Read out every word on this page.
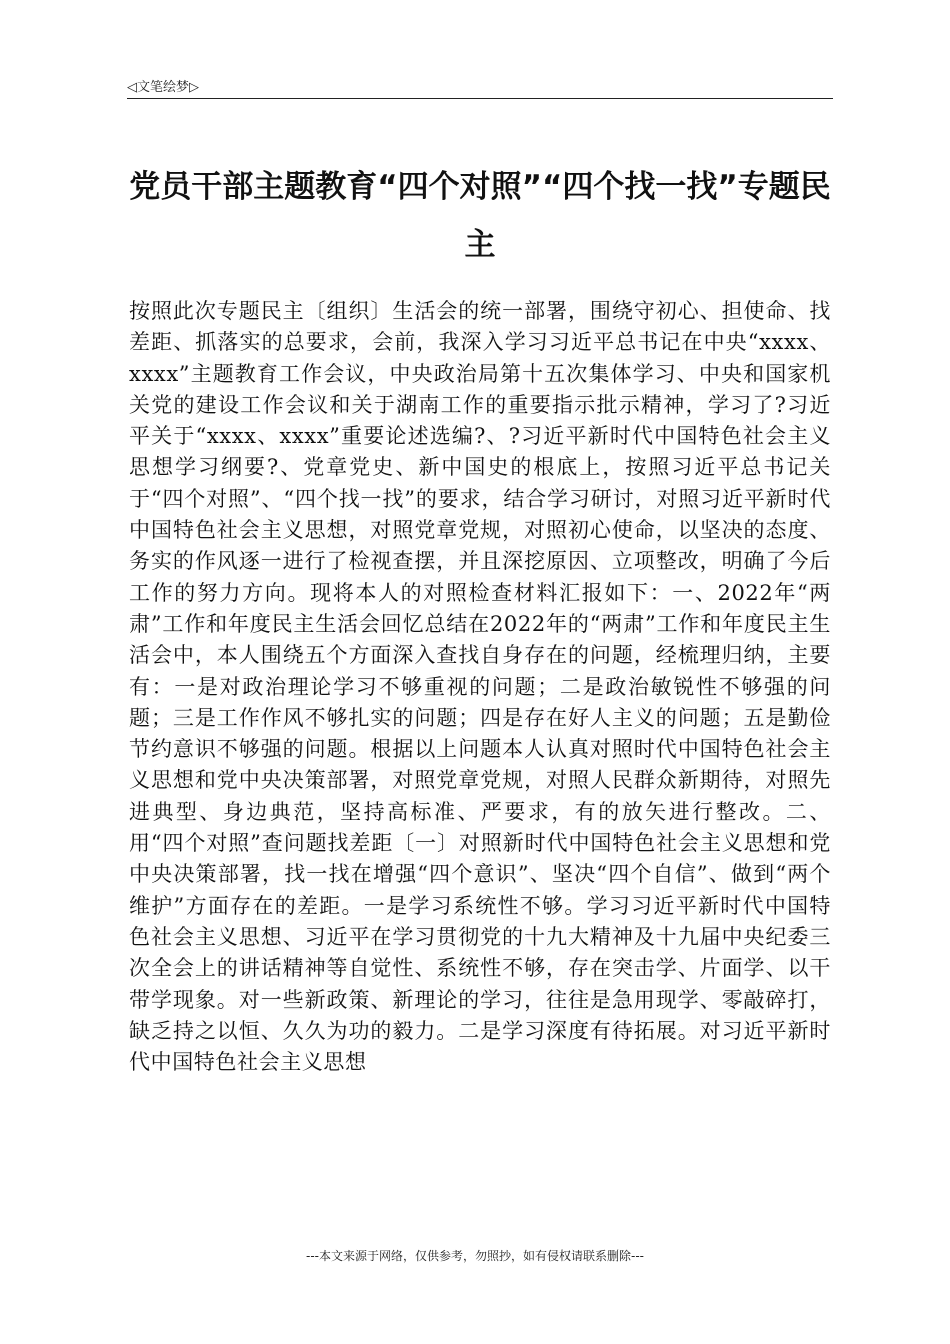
◁文笔绘梦▷
党员干部主题教育“四个对照”“四个找一找”专题民主

按照此次专题民主〔组织〕生活会的统一部署，围绕守初心、担使命、找差距、抓落实的总要求，会前，我深入学习习近平总书记在中央“xxxx、xxxx”主题教育工作会议，中央政治局第十五次集体学习、中央和国家机关党的建设工作会议和关于湖南工作的重要指示批示精神，学习了?习近平关于“xxxx、xxxx”重要论述选编?、?习近平新时代中国特色社会主义思想学习纲要?、党章党史、新中国史的根底上，按照习近平总书记关于“四个对照”、“四个找一找”的要求，结合学习研讨，对照习近平新时代中国特色社会主义思想，对照党章党规，对照初心使命，以坚决的态度、务实的作风逐一进行了检视查摆，并且深挖原因、立项整改，明确了今后工作的努力方向。现将本人的对照检查材料汇报如下：一、2022年“两肃”工作和年度民主生活会回忆总结在2022年的“两肃”工作和年度民主生活会中，本人围绕五个方面深入查找自身存在的问题，经梳理归纳，主要有：一是对政治理论学习不够重视的问题；二是政治敏锐性不够强的问题；三是工作作风不够扎实的问题；四是存在好人主义的问题；五是勤俭节约意识不够强的问题。根据以上问题本人认真对照时代中国特色社会主义思想和党中央决策部署，对照党章党规，对照人民群众新期待，对照先进典型、身边典范，坚持高标准、严要求，有的放矢进行整改。二、用“四个对照”查问题找差距〔一〕对照新时代中国特色社会主义思想和党中央决策部署，找一找在增强“四个意识”、坚决“四个自信”、做到“两个维护”方面存在的差距。一是学习系统性不够。学习习近平新时代中国特色社会主义思想、习近平在学习贯彻党的十九大精神及十九届中央纪委三次全会上的讲话精神等自觉性、系统性不够，存在突击学、片面学、以干带学现象。对一些新政策、新理论的学习，往往是急用现学、零敲碎打，缺乏持之以恒、久久为功的毅力。二是学习深度有待拓展。对习近平新时代中国特色社会主义思想

---本文来源于网络，仅供参考，勿照抄，如有侵权请联系删除---
